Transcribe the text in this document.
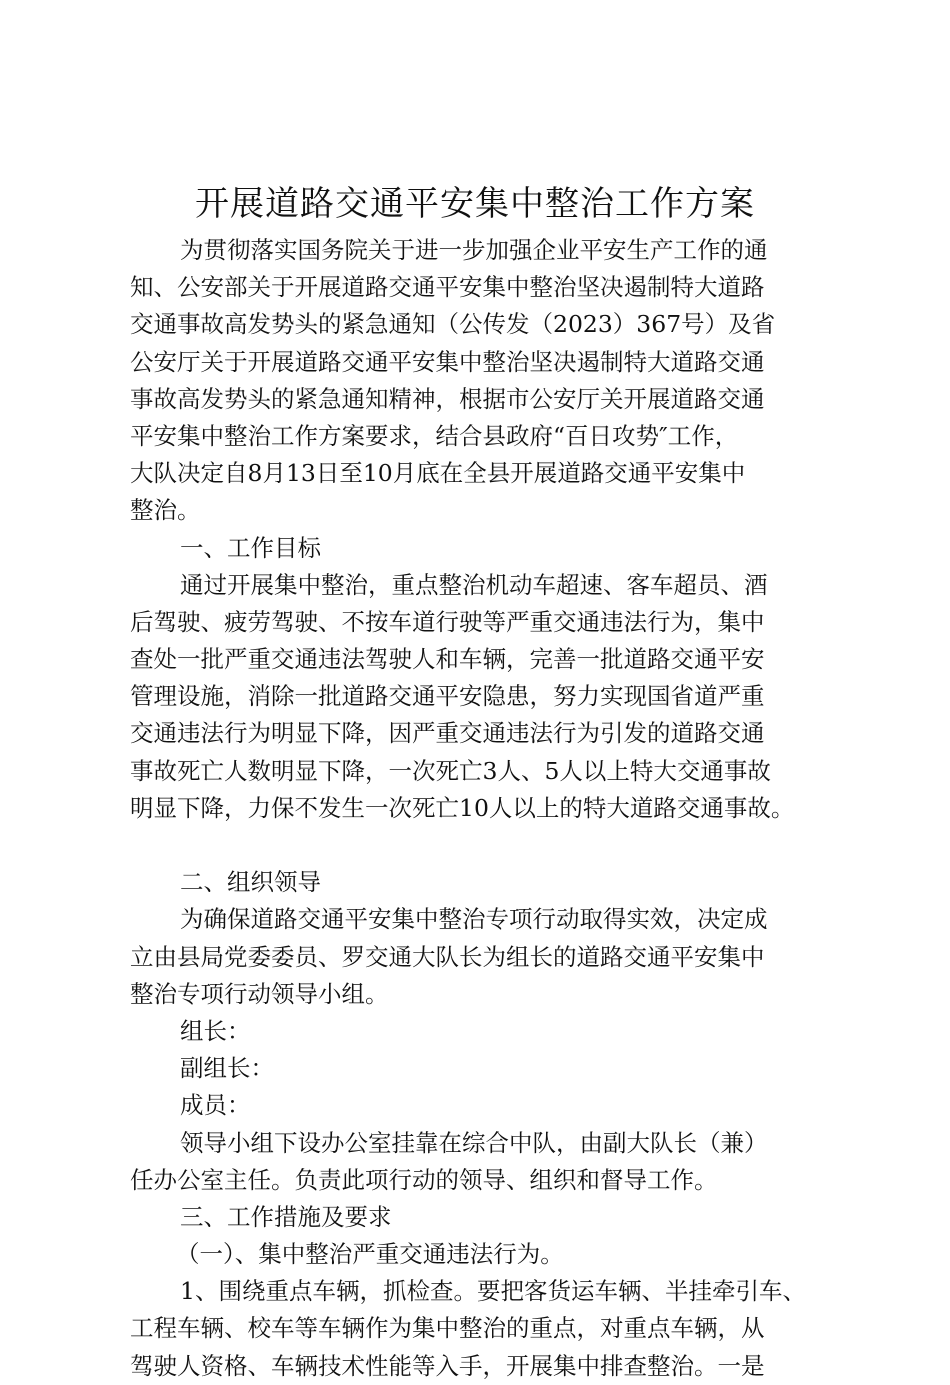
开展道路交通平安集中整治工作方案
为贯彻落实国务院关于进一步加强企业平安生产工作的通
知、公安部关于开展道路交通平安集中整治坚决遏制特大道路
交通事故高发势头的紧急通知（公传发（2023）367号）及省
公安厅关于开展道路交通平安集中整治坚决遏制特大道路交通
事故高发势头的紧急通知精神，根据市公安厅关开展道路交通
平安集中整治工作方案要求，结合县政府“百日攻势″工作，
大队决定自8月13日至10月底在全县开展道路交通平安集中
整治。
一、工作目标
通过开展集中整治，重点整治机动车超速、客车超员、酒
后驾驶、疲劳驾驶、不按车道行驶等严重交通违法行为，集中
查处一批严重交通违法驾驶人和车辆，完善一批道路交通平安
管理设施，消除一批道路交通平安隐患，努力实现国省道严重
交通违法行为明显下降，因严重交通违法行为引发的道路交通
事故死亡人数明显下降，一次死亡3人、5人以上特大交通事故
明显下降，力保不发生一次死亡10人以上的特大道路交通事故。
二、组织领导
为确保道路交通平安集中整治专项行动取得实效，决定成
立由县局党委委员、罗交通大队长为组长的道路交通平安集中
整治专项行动领导小组。
组长：
副组长：
成员：
领导小组下设办公室挂靠在综合中队，由副大队长（兼）
任办公室主任。负责此项行动的领导、组织和督导工作。
三、工作措施及要求
（一）、集中整治严重交通违法行为。
1、围绕重点车辆，抓检查。要把客货运车辆、半挂牵引车、
工程车辆、校车等车辆作为集中整治的重点，对重点车辆，从
驾驶人资格、车辆技术性能等入手，开展集中排查整治。一是
